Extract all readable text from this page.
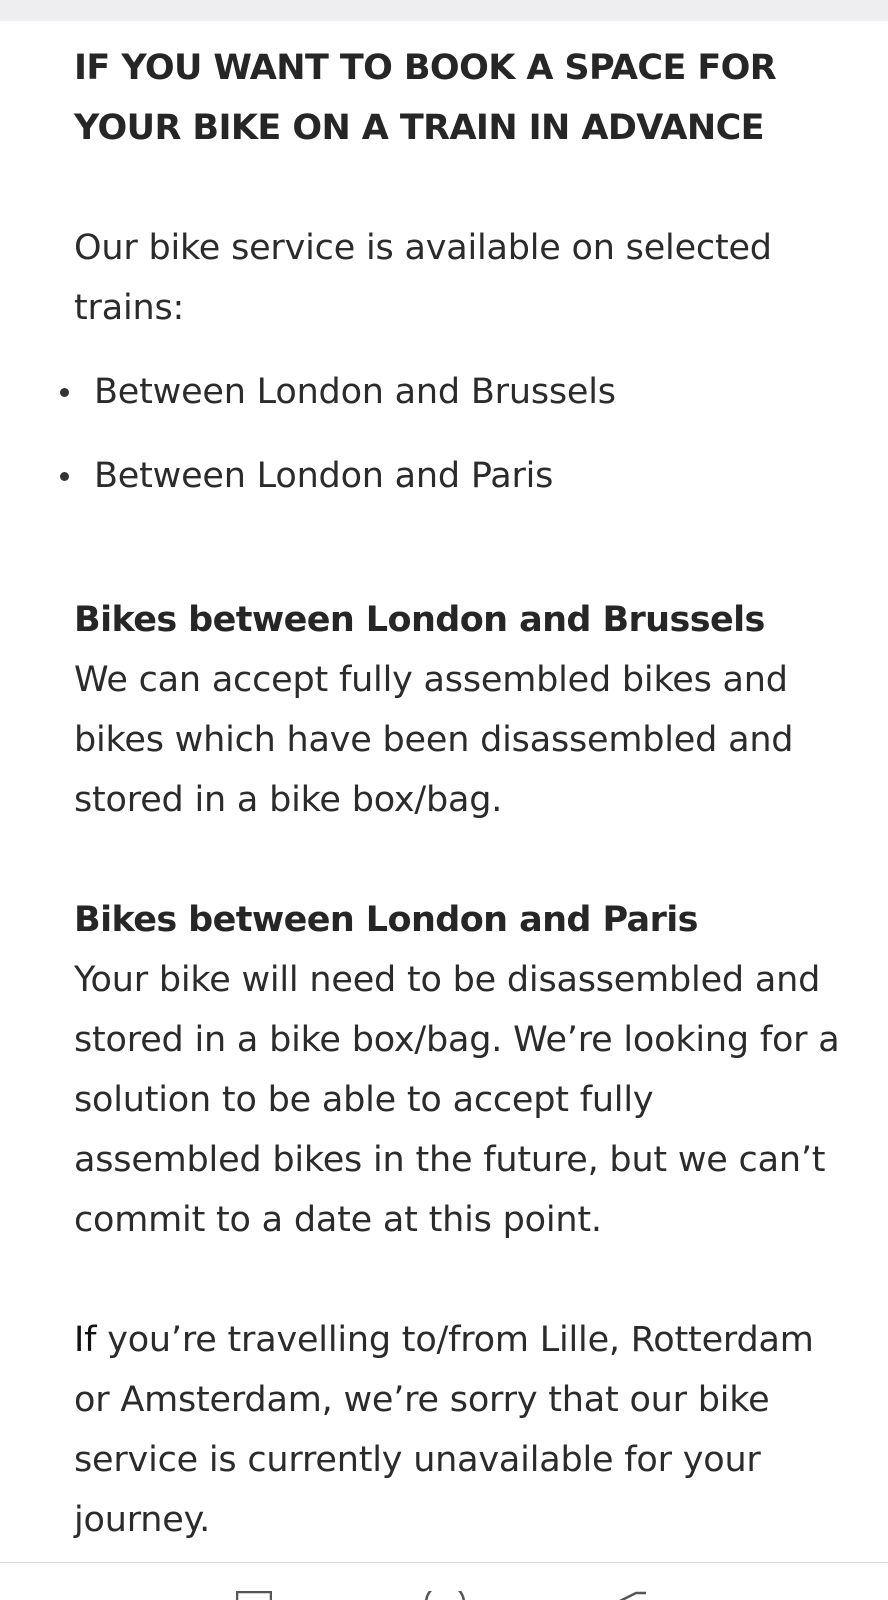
IF YOU WANT TO BOOK A SPACE FOR YOUR BIKE ON A TRAIN IN ADVANCE

Our bike service is available on selected trains:

Between London and Brussels
Between London and Paris
Bikes between London and Brussels

We can accept fully assembled bikes and bikes which have been disassembled and stored in a bike box/bag.

Bikes between London and Paris

Your bike will need to be disassembled and stored in a bike box/bag. We’re looking for a solution to be able to accept fully assembled bikes in the future, but we can’t commit to a date at this point.

If you’re travelling to/from Lille, Rotterdam or Amsterdam, we’re sorry that our bike service is currently unavailable for your journey.
